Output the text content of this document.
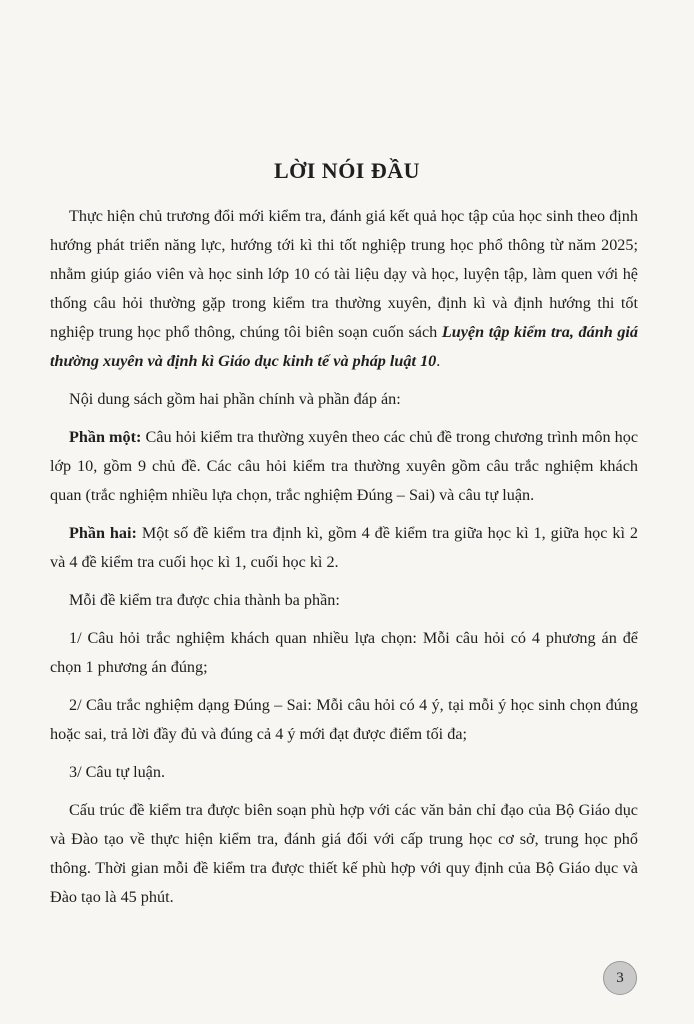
LỜI NÓI ĐẦU

Thực hiện chủ trương đổi mới kiểm tra, đánh giá kết quả học tập của học sinh theo định hướng phát triển năng lực, hướng tới kì thi tốt nghiệp trung học phổ thông từ năm 2025; nhằm giúp giáo viên và học sinh lớp 10 có tài liệu dạy và học, luyện tập, làm quen với hệ thống câu hỏi thường gặp trong kiểm tra thường xuyên, định kì và định hướng thi tốt nghiệp trung học phổ thông, chúng tôi biên soạn cuốn sách Luyện tập kiểm tra, đánh giá thường xuyên và định kì Giáo dục kinh tế và pháp luật 10.

Nội dung sách gồm hai phần chính và phần đáp án:

Phần một: Câu hỏi kiểm tra thường xuyên theo các chủ đề trong chương trình môn học lớp 10, gồm 9 chủ đề. Các câu hỏi kiểm tra thường xuyên gồm câu trắc nghiệm khách quan (trắc nghiệm nhiều lựa chọn, trắc nghiệm Đúng – Sai) và câu tự luận.

Phần hai: Một số đề kiểm tra định kì, gồm 4 đề kiểm tra giữa học kì 1, giữa học kì 2 và 4 đề kiểm tra cuối học kì 1, cuối học kì 2.

Mỗi đề kiểm tra được chia thành ba phần:

1/ Câu hỏi trắc nghiệm khách quan nhiều lựa chọn: Mỗi câu hỏi có 4 phương án để chọn 1 phương án đúng;

2/ Câu trắc nghiệm dạng Đúng – Sai: Mỗi câu hỏi có 4 ý, tại mỗi ý học sinh chọn đúng hoặc sai, trả lời đầy đủ và đúng cả 4 ý mới đạt được điểm tối đa;

3/ Câu tự luận.

Cấu trúc đề kiểm tra được biên soạn phù hợp với các văn bản chỉ đạo của Bộ Giáo dục và Đào tạo về thực hiện kiểm tra, đánh giá đối với cấp trung học cơ sở, trung học phổ thông. Thời gian mỗi đề kiểm tra được thiết kế phù hợp với quy định của Bộ Giáo dục và Đào tạo là 45 phút.

3
